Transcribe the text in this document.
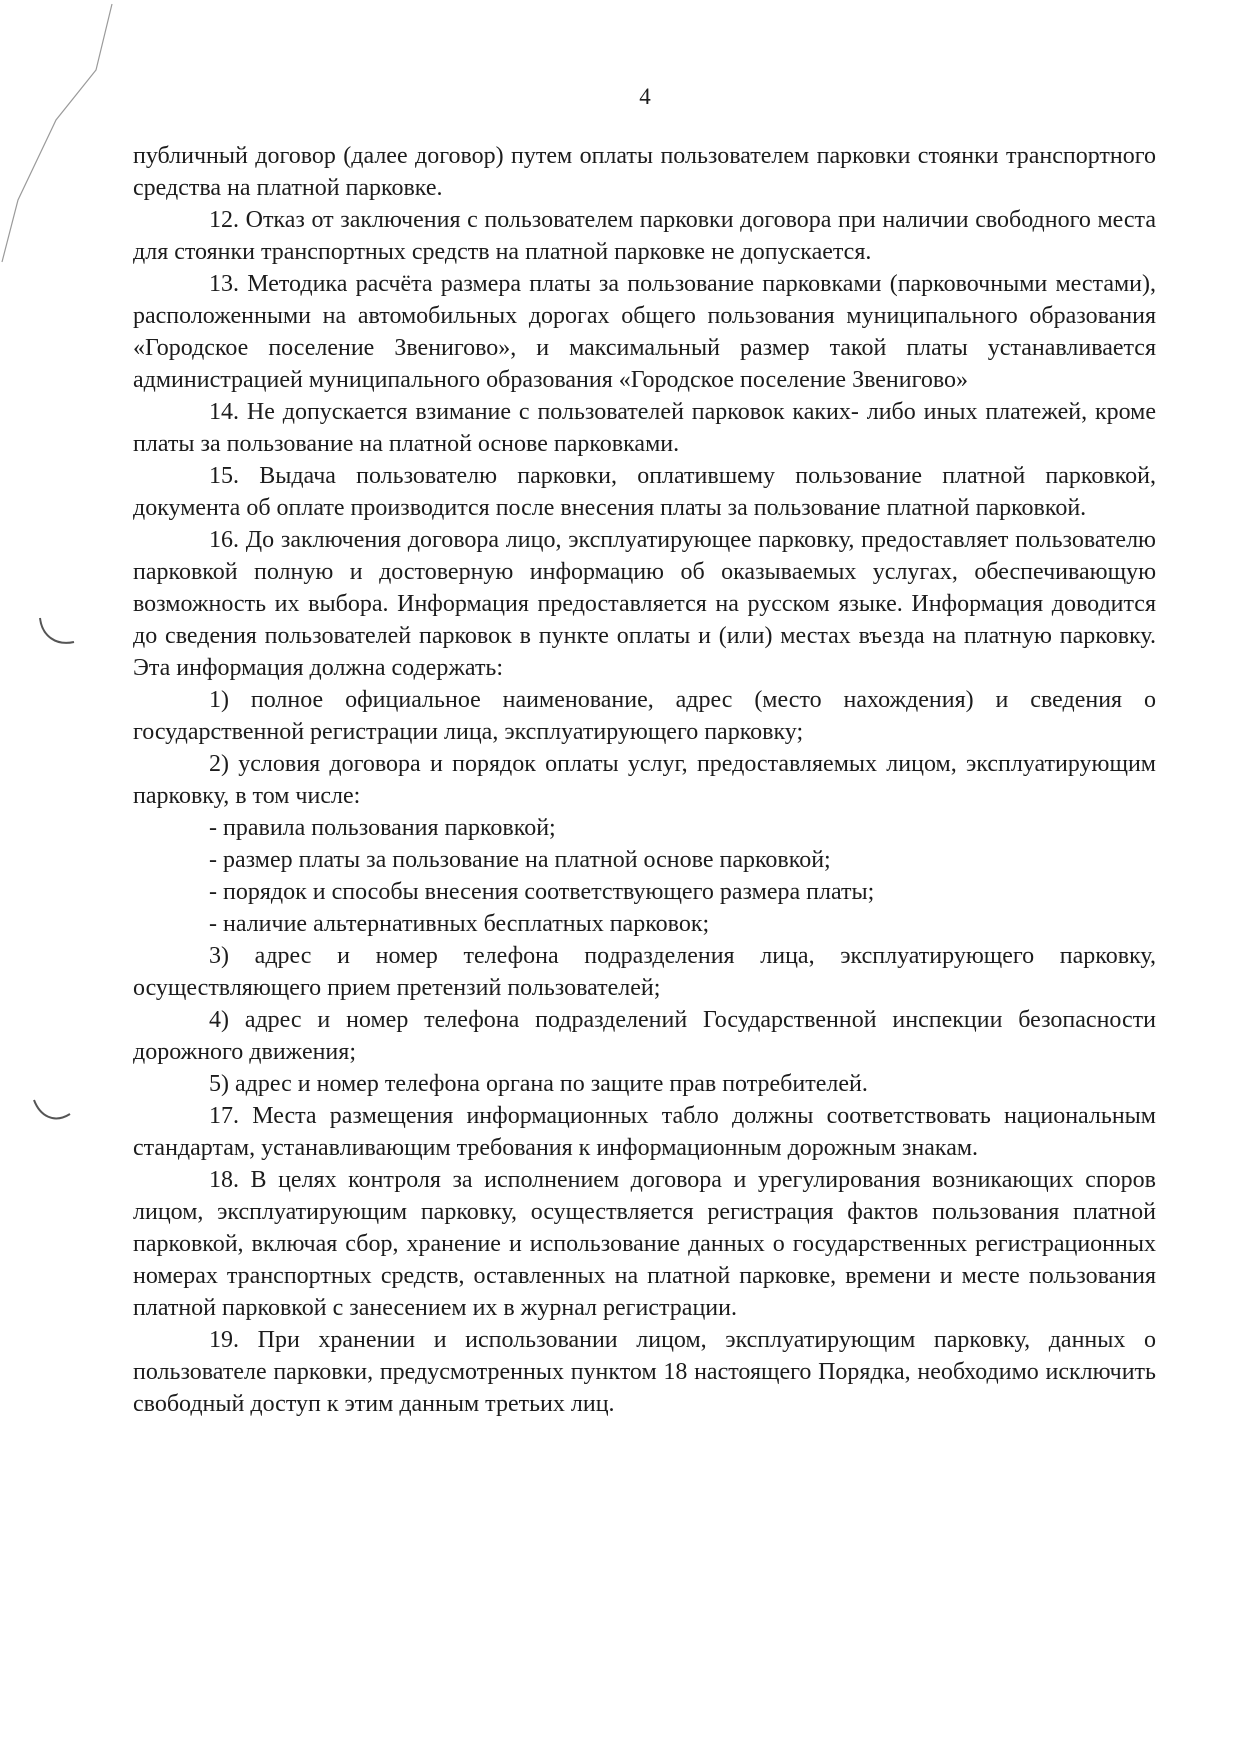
4

публичный договор (далее договор) путем оплаты пользователем парковки стоянки транспортного средства на платной парковке.

12. Отказ от заключения с пользователем парковки договора при наличии свободного места для стоянки транспортных средств на платной парковке не допускается.

13. Методика расчёта размера платы за пользование парковками (парковочными местами), расположенными на автомобильных дорогах общего пользования муниципального образования «Городское поселение Звенигово», и максимальный размер такой платы устанавливается администрацией муниципального образования «Городское поселение Звенигово»

14. Не допускается взимание с пользователей парковок каких- либо иных платежей, кроме платы за пользование на платной основе парковками.

15. Выдача пользователю парковки, оплатившему пользование платной парковкой, документа об оплате производится после внесения платы за пользование платной парковкой.

16. До заключения договора лицо, эксплуатирующее парковку, предоставляет пользователю парковкой полную и достоверную информацию об оказываемых услугах, обеспечивающую возможность их выбора. Информация предоставляется на русском языке. Информация доводится до сведения пользователей парковок в пункте оплаты и (или) местах въезда на платную парковку. Эта информация должна содержать:

1) полное официальное наименование, адрес (место нахождения) и сведения о государственной регистрации лица, эксплуатирующего парковку;

2) условия договора и порядок оплаты услуг, предоставляемых лицом, эксплуатирующим парковку, в том числе:

- правила пользования парковкой;

- размер платы за пользование на платной основе парковкой;

- порядок и способы внесения соответствующего размера платы;

- наличие альтернативных бесплатных парковок;

3) адрес и номер телефона подразделения лица, эксплуатирующего парковку, осуществляющего прием претензий пользователей;

4) адрес и номер телефона подразделений Государственной инспекции безопасности дорожного движения;

5) адрес и номер телефона органа по защите прав потребителей.

17. Места размещения информационных табло должны соответствовать национальным стандартам, устанавливающим требования к информационным дорожным знакам.

18. В целях контроля за исполнением договора и урегулирования возникающих споров лицом, эксплуатирующим парковку, осуществляется регистрация фактов пользования платной парковкой, включая сбор, хранение и использование данных о государственных регистрационных номерах транспортных средств, оставленных на платной парковке, времени и месте пользования платной парковкой с занесением их в журнал регистрации.

19. При хранении и использовании лицом, эксплуатирующим парковку, данных о пользователе парковки, предусмотренных пунктом 18 настоящего Порядка, необходимо исключить свободный доступ к этим данным третьих лиц.
